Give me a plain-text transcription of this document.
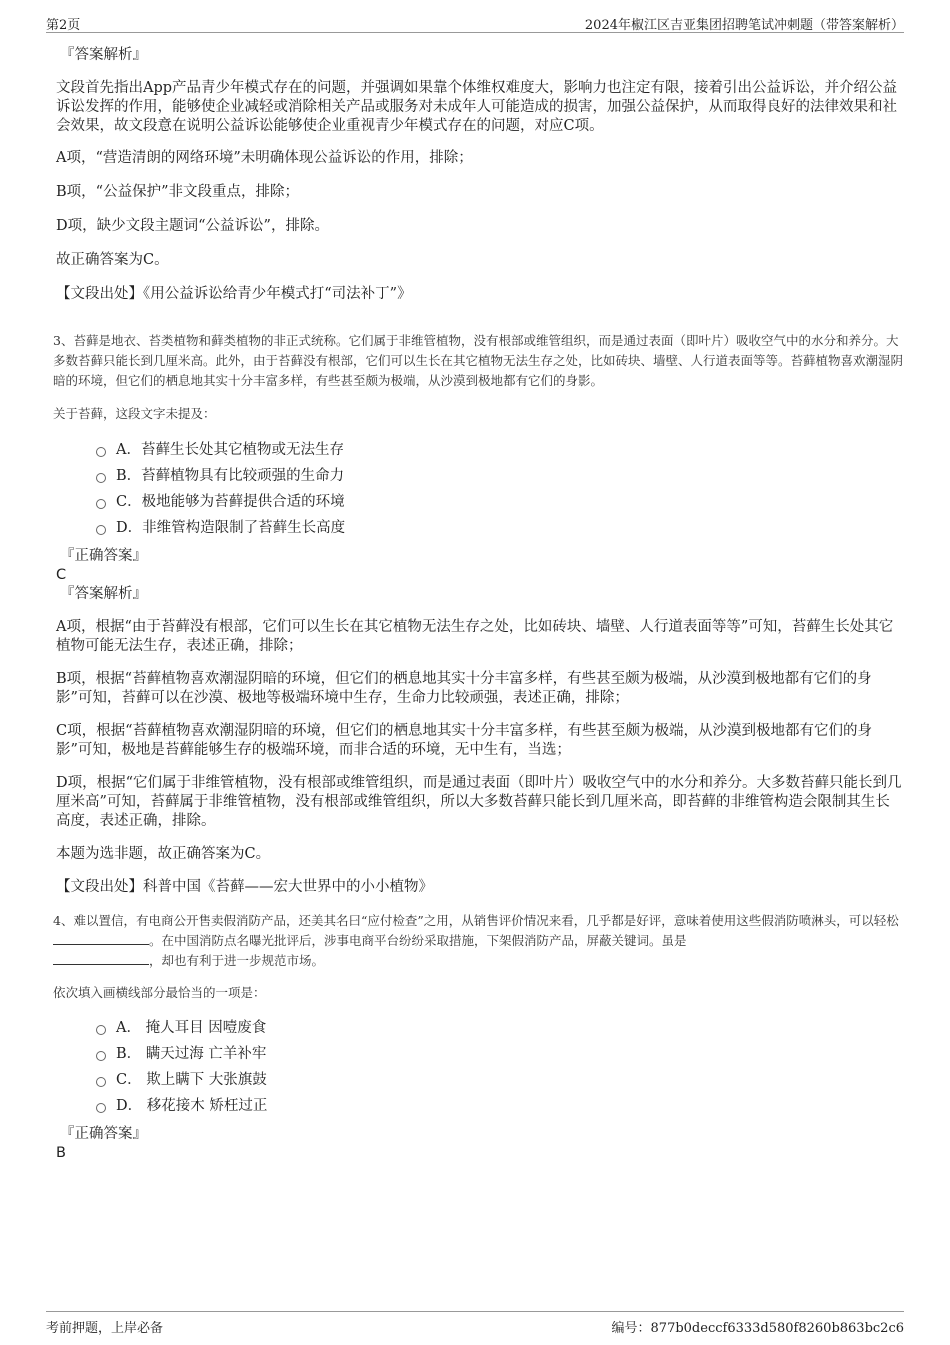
第2页	2024年椒江区吉亚集团招聘笔试冲刺题（带答案解析）
『答案解析』

文段首先指出App产品青少年模式存在的问题，并强调如果靠个体维权难度大，影响力也注定有限，接着引出公益诉讼，并介绍公益诉讼发挥的作用，能够使企业减轻或消除相关产品或服务对未成年人可能造成的损害，加强公益保护，从而取得良好的法律效果和社会效果，故文段意在说明公益诉讼能够使企业重视青少年模式存在的问题，对应C项。

A项，“营造清朗的网络环境”未明确体现公益诉讼的作用，排除；

B项，“公益保护”非文段重点，排除；

D项，缺少文段主题词“公益诉讼”，排除。

故正确答案为C。

【文段出处】《用公益诉讼给青少年模式打“司法补丁”》

3、苔藓是地衣、苔类植物和藓类植物的非正式统称。它们属于非维管植物，没有根部或维管组织，而是通过表面（即叶片）吸收空气中的水分和养分。大多数苔藓只能长到几厘米高。此外，由于苔藓没有根部，它们可以生长在其它植物无法生存之处，比如砖块、墙壁、人行道表面等等。苔藓植物喜欢潮湿阴暗的环境，但它们的栖息地其实十分丰富多样，有些甚至颇为极端，从沙漠到极地都有它们的身影。

关于苔藓，这段文字未提及：

A．苔藓生长处其它植物或无法生存
B．苔藓植物具有比较顽强的生命力
C．极地能够为苔藓提供合适的环境
D．非维管构造限制了苔藓生长高度
『正确答案』
C
『答案解析』

A项，根据“由于苔藓没有根部，它们可以生长在其它植物无法生存之处，比如砖块、墙壁、人行道表面等等”可知，苔藓生长处其它植物可能无法生存，表述正确，排除；

B项，根据“苔藓植物喜欢潮湿阴暗的环境，但它们的栖息地其实十分丰富多样，有些甚至颇为极端，从沙漠到极地都有它们的身影”可知，苔藓可以在沙漠、极地等极端环境中生存，生命力比较顽强，表述正确，排除；

C项，根据“苔藓植物喜欢潮湿阴暗的环境，但它们的栖息地其实十分丰富多样，有些甚至颇为极端，从沙漠到极地都有它们的身影”可知，极地是苔藓能够生存的极端环境，而非合适的环境，无中生有，当选；

D项，根据“它们属于非维管植物，没有根部或维管组织，而是通过表面（即叶片）吸收空气中的水分和养分。大多数苔藓只能长到几厘米高”可知，苔藓属于非维管植物，没有根部或维管组织，所以大多数苔藓只能长到几厘米高，即苔藓的非维管构造会限制其生长高度，表述正确，排除。

本题为选非题，故正确答案为C。

【文段出处】科普中国《苔藓——宏大世界中的小小植物》

4、难以置信，有电商公开售卖假消防产品，还美其名曰“应付检查”之用，从销售评价情况来看，几乎都是好评，意味着使用这些假消防喷淋头，可以轻松 。在中国消防点名曝光批评后，涉事电商平台纷纷采取措施，下架假消防产品，屏蔽关键词。虽是
，却也有利于进一步规范市场。

依次填入画横线部分最恰当的一项是：

A． 掩人耳目 因噎废食
B． 瞒天过海 亡羊补牢
C． 欺上瞒下 大张旗鼓
D． 移花接木 矫枉过正
『正确答案』
B
考前押题，上岸必备	编号：877b0deccf6333d580f8260b863bc2c6
